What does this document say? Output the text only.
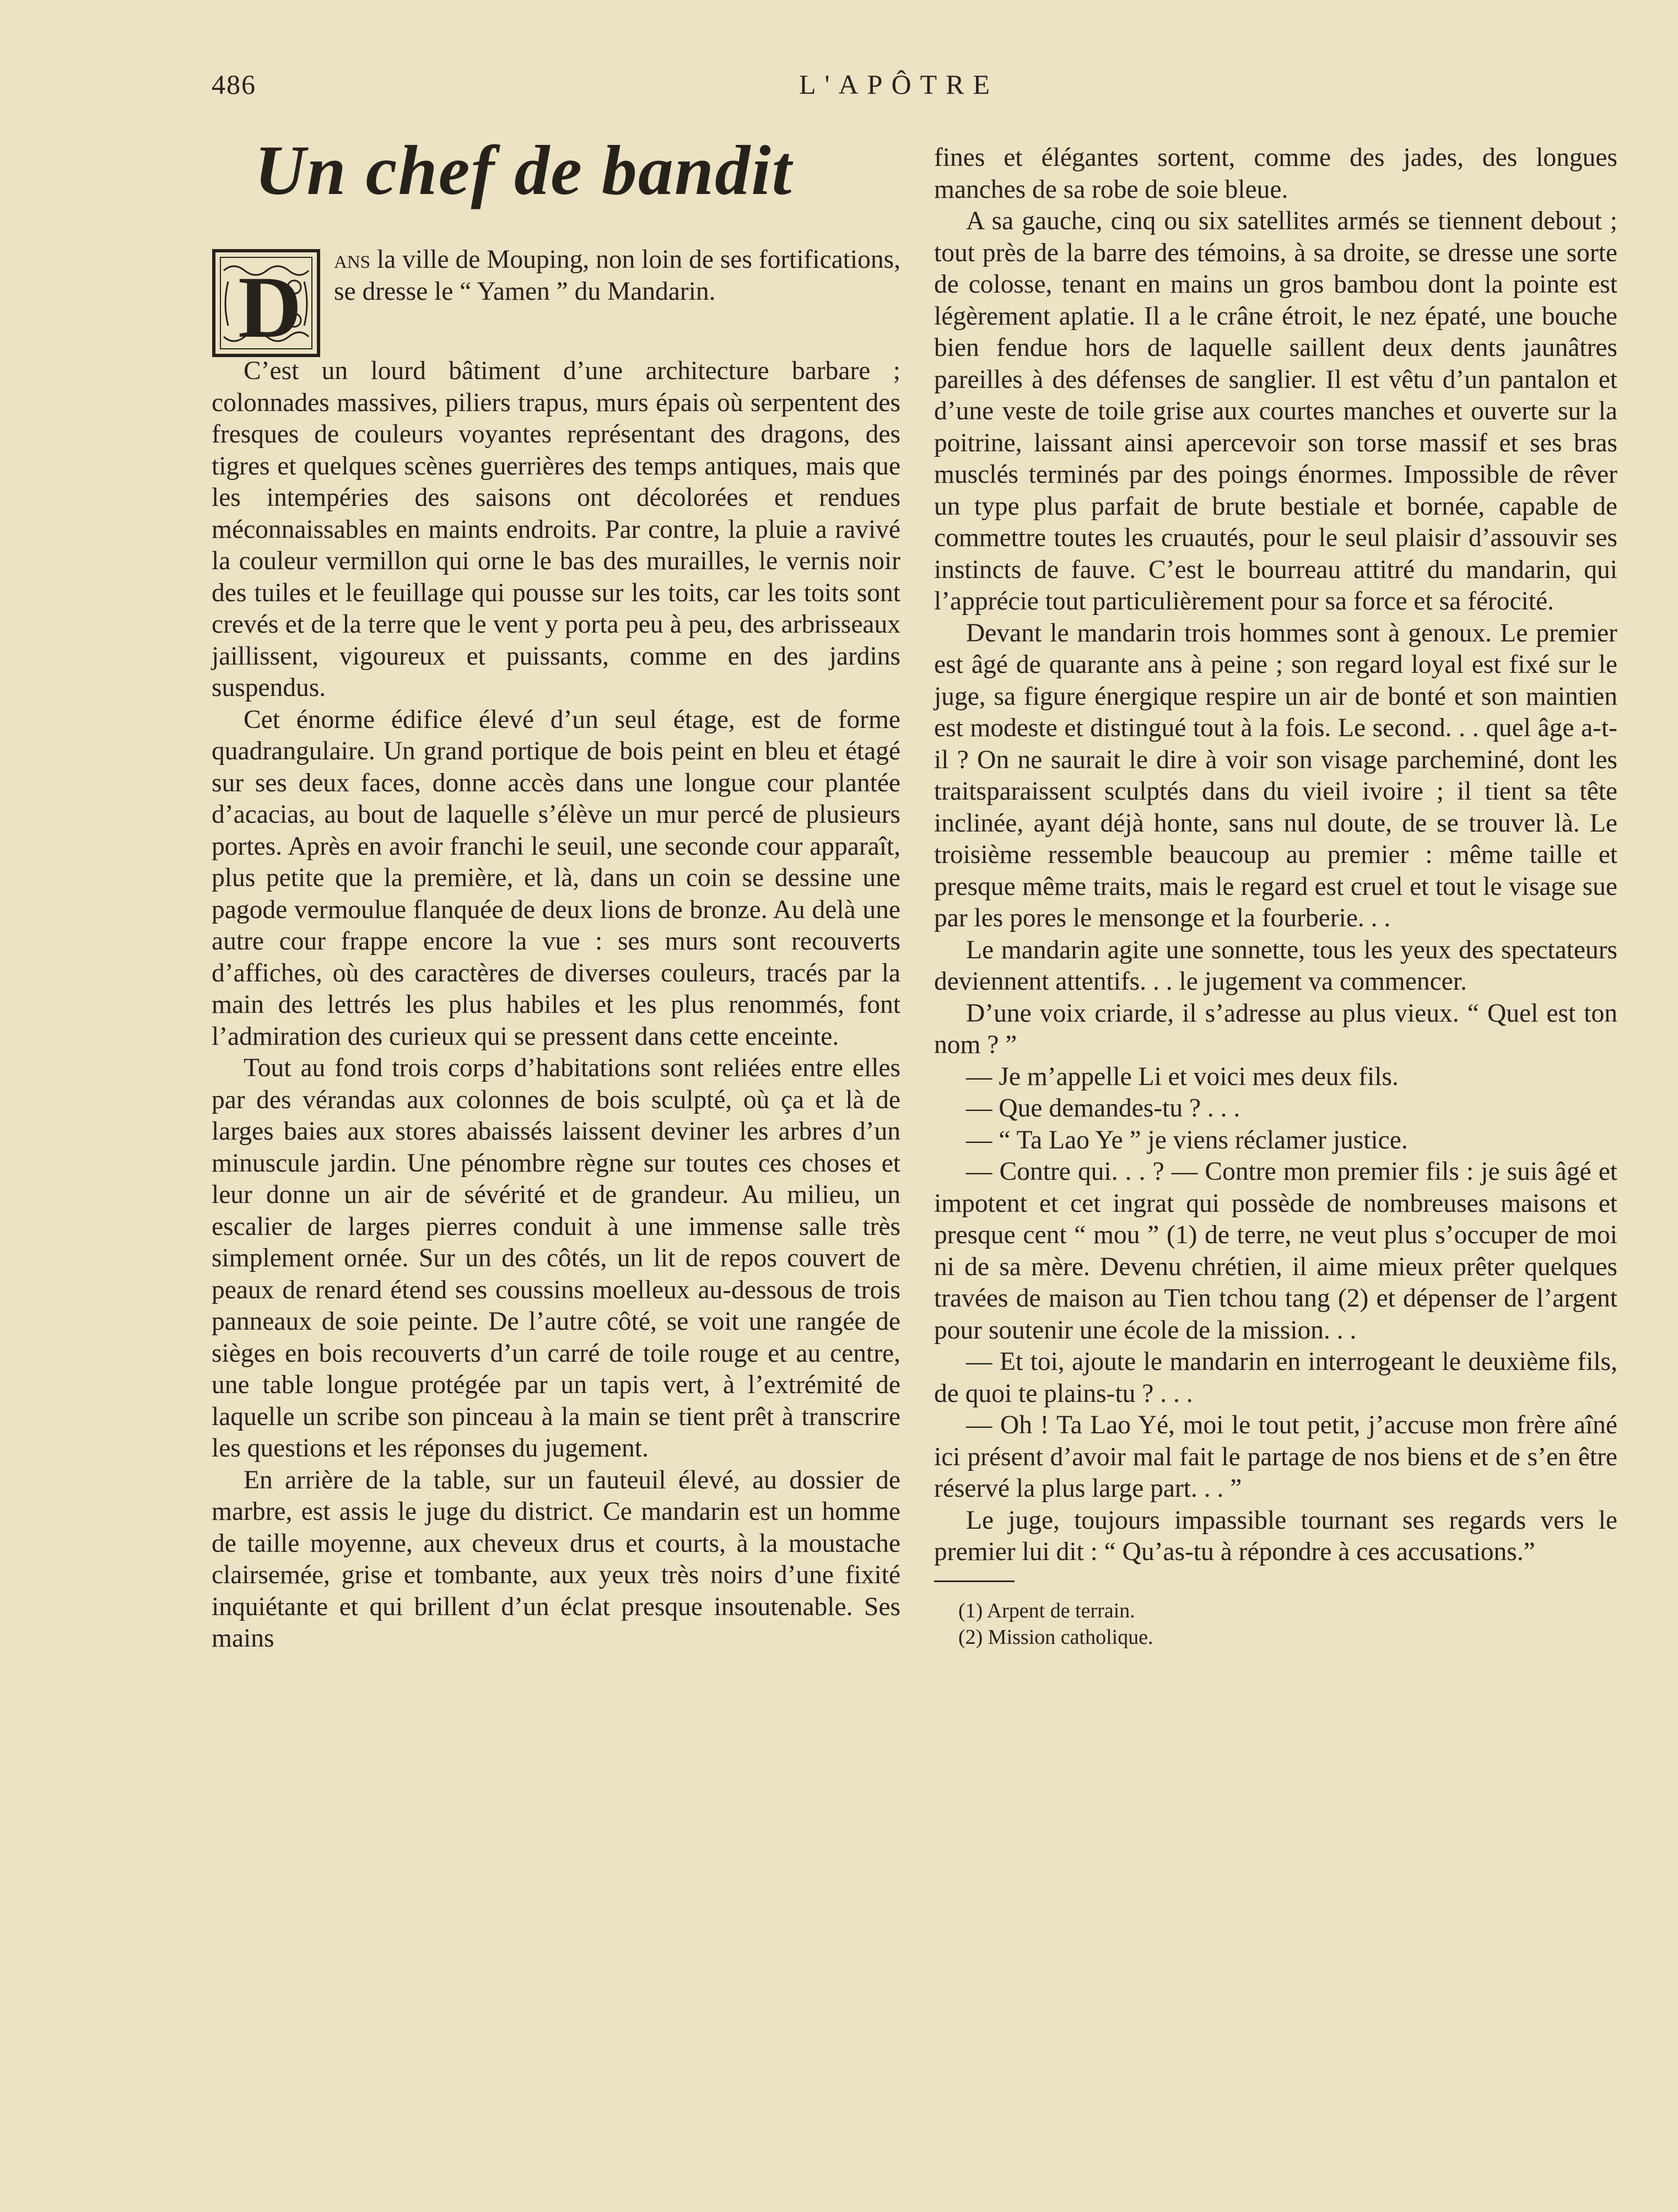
486	L'APÔTRE
Un chef de bandit
D ans la ville de Mouping, non loin de ses fortifications, se dresse le “ Yamen ” du Mandarin.

C’est un lourd bâtiment d’une architecture barbare ; colonnades massives, piliers trapus, murs épais où serpentent des fresques de couleurs voyantes représentant des dragons, des tigres et quelques scènes guerrières des temps antiques, mais que les intempéries des saisons ont décolorées et rendues méconnaissables en maints endroits. Par contre, la pluie a ravivé la couleur vermillon qui orne le bas des murailles, le vernis noir des tuiles et le feuillage qui pousse sur les toits, car les toits sont crevés et de la terre que le vent y porta peu à peu, des arbrisseaux jaillissent, vigoureux et puissants, comme en des jardins suspendus.

Cet énorme édifice élevé d’un seul étage, est de forme quadrangulaire. Un grand portique de bois peint en bleu et étagé sur ses deux faces, donne accès dans une longue cour plantée d’acacias, au bout de laquelle s’élève un mur percé de plusieurs portes. Après en avoir franchi le seuil, une seconde cour apparaît, plus petite que la première, et là, dans un coin se dessine une pagode vermoulue flanquée de deux lions de bronze. Au delà une autre cour frappe encore la vue : ses murs sont recouverts d’affiches, où des caractères de diverses couleurs, tracés par la main des lettrés les plus habiles et les plus renommés, font l’admiration des curieux qui se pressent dans cette enceinte.

Tout au fond trois corps d’habitations sont reliées entre elles par des vérandas aux colonnes de bois sculpté, où ça et là de larges baies aux stores abaissés laissent deviner les arbres d’un minuscule jardin. Une pénombre règne sur toutes ces choses et leur donne un air de sévérité et de grandeur. Au milieu, un escalier de larges pierres conduit à une immense salle très simplement ornée. Sur un des côtés, un lit de repos couvert de peaux de renard étend ses coussins moelleux au-dessous de trois panneaux de soie peinte. De l’autre côté, se voit une rangée de sièges en bois recouverts d’un carré de toile rouge et au centre, une table longue protégée par un tapis vert, à l’extrémité de laquelle un scribe son pinceau à la main se tient prêt à transcrire les questions et les réponses du jugement.

En arrière de la table, sur un fauteuil élevé, au dossier de marbre, est assis le juge du district. Ce mandarin est un homme de taille moyenne, aux cheveux drus et courts, à la moustache clairsemée, grise et tombante, aux yeux très noirs d’une fixité inquiétante et qui brillent d’un éclat presque insoutenable. Ses mains

fines et élégantes sortent, comme des jades, des longues manches de sa robe de soie bleue.

A sa gauche, cinq ou six satellites armés se tiennent debout ; tout près de la barre des témoins, à sa droite, se dresse une sorte de colosse, tenant en mains un gros bambou dont la pointe est légèrement aplatie. Il a le crâne étroit, le nez épaté, une bouche bien fendue hors de laquelle saillent deux dents jaunâtres pareilles à des défenses de sanglier. Il est vêtu d’un pantalon et d’une veste de toile grise aux courtes manches et ouverte sur la poitrine, laissant ainsi apercevoir son torse massif et ses bras musclés terminés par des poings énormes. Impossible de rêver un type plus parfait de brute bestiale et bornée, capable de commettre toutes les cruautés, pour le seul plaisir d’assouvir ses instincts de fauve. C’est le bourreau attitré du mandarin, qui l’apprécie tout particulièrement pour sa force et sa férocité.

Devant le mandarin trois hommes sont à genoux. Le premier est âgé de quarante ans à peine ; son regard loyal est fixé sur le juge, sa figure énergique respire un air de bonté et son maintien est modeste et distingué tout à la fois. Le second. . . quel âge a-t-il ? On ne saurait le dire à voir son visage parcheminé, dont les traitsparaissent sculptés dans du vieil ivoire ; il tient sa tête inclinée, ayant déjà honte, sans nul doute, de se trouver là. Le troisième ressemble beaucoup au premier : même taille et presque même traits, mais le regard est cruel et tout le visage sue par les pores le mensonge et la fourberie. . .

Le mandarin agite une sonnette, tous les yeux des spectateurs deviennent attentifs. . . le jugement va commencer.

D’une voix criarde, il s’adresse au plus vieux. “ Quel est ton nom ? ”

— Je m’appelle Li et voici mes deux fils.

— Que demandes-tu ? . . .

— “ Ta Lao Ye ” je viens réclamer justice.

— Contre qui. . . ? — Contre mon premier fils : je suis âgé et impotent et cet ingrat qui possède de nombreuses maisons et presque cent “ mou ” (1) de terre, ne veut plus s’occuper de moi ni de sa mère. Devenu chrétien, il aime mieux prêter quelques travées de maison au Tien tchou tang (2) et dépenser de l’argent pour soutenir une école de la mission. . .

— Et toi, ajoute le mandarin en interrogeant le deuxième fils, de quoi te plains-tu ? . . .

— Oh ! Ta Lao Yé, moi le tout petit, j’accuse mon frère aîné ici présent d’avoir mal fait le partage de nos biens et de s’en être réservé la plus large part. . . ”

Le juge, toujours impassible tournant ses regards vers le premier lui dit : “ Qu’as-tu à répondre à ces accusations.”

(1) Arpent de terrain.

(2) Mission catholique.
